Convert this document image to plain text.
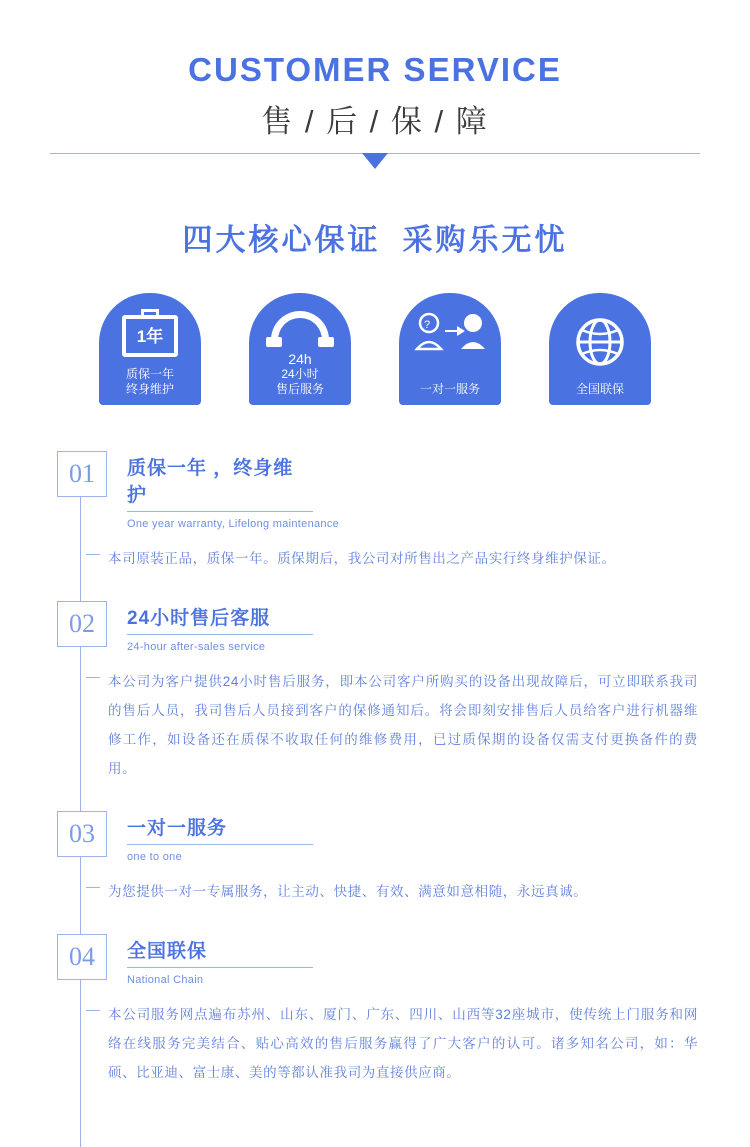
CUSTOMER SERVICE
售 / 后 / 保 / 障
四大核心保证 采购乐无忧
1年
质保一年
终身维护
24h
24小时
售后服务
?
一对一服务	全国联保
01	质保一年 ，终身维护
One year warranty, Lifelong maintenance
本司原装正品，质保一年。质保期后，我公司对所售出之产品实行终身维护保证。
02	24小时售后客服
24-hour after-sales service
本公司为客户提供24小时售后服务，即本公司客户所购买的设备出现故障后，可立即联系我司的售后人员，我司售后人员接到客户的保修通知后。将会即刻安排售后人员给客户进行机器维修工作，如设备还在质保不收取任何的维修费用，已过质保期的设备仅需支付更换备件的费用。
03	一对一服务
one to one
为您提供一对一专属服务，让主动、快捷、有效、满意如意相随，永远真诚。
04	全国联保
National Chain
本公司服务网点遍布苏州、山东、厦门、广东、四川、山西等32座城市，使传统上门服务和网络在线服务完美结合、贴心高效的售后服务赢得了广大客户的认可。诸多知名公司，如：华硕、比亚迪、富士康、美的等都认准我司为直接供应商。
